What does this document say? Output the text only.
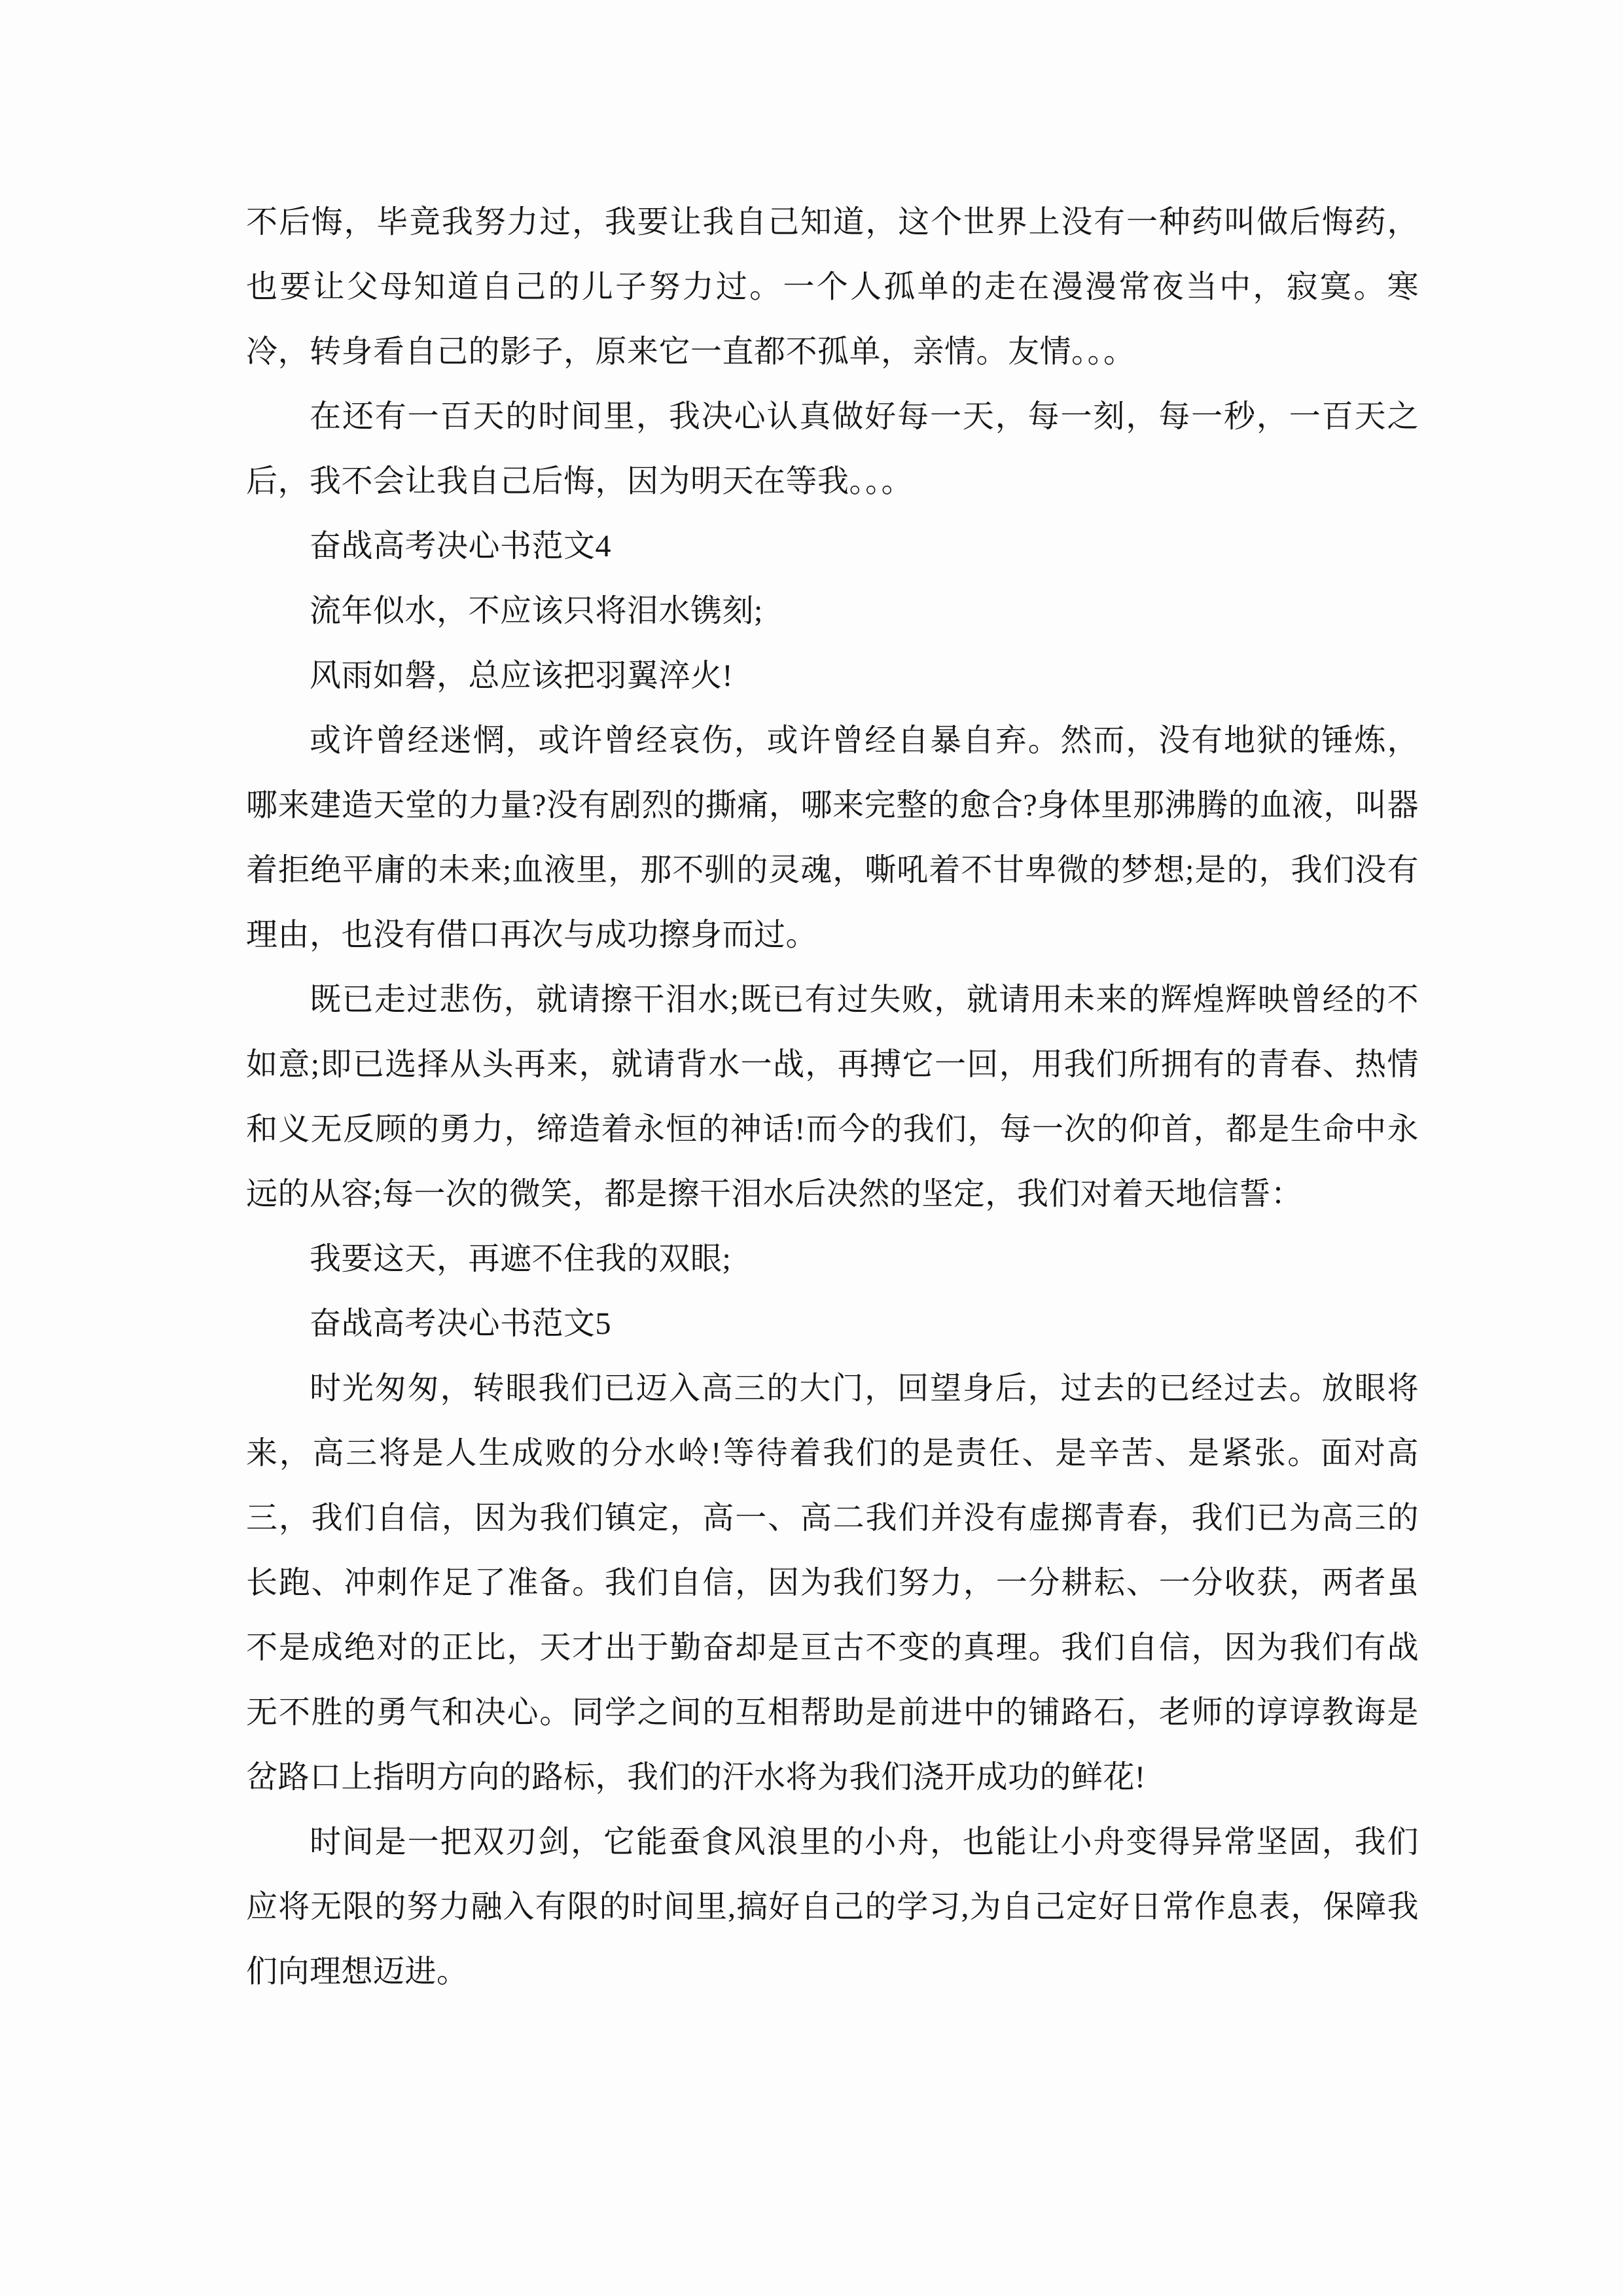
不后悔，毕竟我努力过，我要让我自己知道，这个世界上没有一种药叫做后悔药，也要让父母知道自己的儿子努力过。一个人孤单的走在漫漫常夜当中，寂寞。寒冷，转身看自己的影子，原来它一直都不孤单，亲情。友情。。。

在还有一百天的时间里，我决心认真做好每一天，每一刻，每一秒，一百天之后，我不会让我自己后悔，因为明天在等我。。。

奋战高考决心书范文4

流年似水，不应该只将泪水镌刻;

风雨如磐，总应该把羽翼淬火!

或许曾经迷惘，或许曾经哀伤，或许曾经自暴自弃。然而，没有地狱的锤炼，哪来建造天堂的力量?没有剧烈的撕痛，哪来完整的愈合?身体里那沸腾的血液，叫器着拒绝平庸的未来;血液里，那不驯的灵魂，嘶吼着不甘卑微的梦想;是的，我们没有理由，也没有借口再次与成功擦身而过。

既已走过悲伤，就请擦干泪水;既已有过失败，就请用未来的辉煌辉映曾经的不如意;即已选择从头再来，就请背水一战，再搏它一回，用我们所拥有的青春、热情和义无反顾的勇力，缔造着永恒的神话!而今的我们，每一次的仰首，都是生命中永远的从容;每一次的微笑，都是擦干泪水后决然的坚定，我们对着天地信誓：

我要这天，再遮不住我的双眼;

奋战高考决心书范文5

时光匆匆，转眼我们已迈入高三的大门，回望身后，过去的已经过去。放眼将来，高三将是人生成败的分水岭!等待着我们的是责任、是辛苦、是紧张。面对高三，我们自信，因为我们镇定，高一、高二我们并没有虚掷青春，我们已为高三的长跑、冲刺作足了准备。我们自信，因为我们努力，一分耕耘、一分收获，两者虽不是成绝对的正比，天才出于勤奋却是亘古不变的真理。我们自信，因为我们有战无不胜的勇气和决心。同学之间的互相帮助是前进中的铺路石，老师的谆谆教诲是岔路口上指明方向的路标，我们的汗水将为我们浇开成功的鲜花!

时间是一把双刃剑，它能蚕食风浪里的小舟，也能让小舟变得异常坚固，我们应将无限的努力融入有限的时间里,搞好自己的学习,为自己定好日常作息表，保障我们向理想迈进。
